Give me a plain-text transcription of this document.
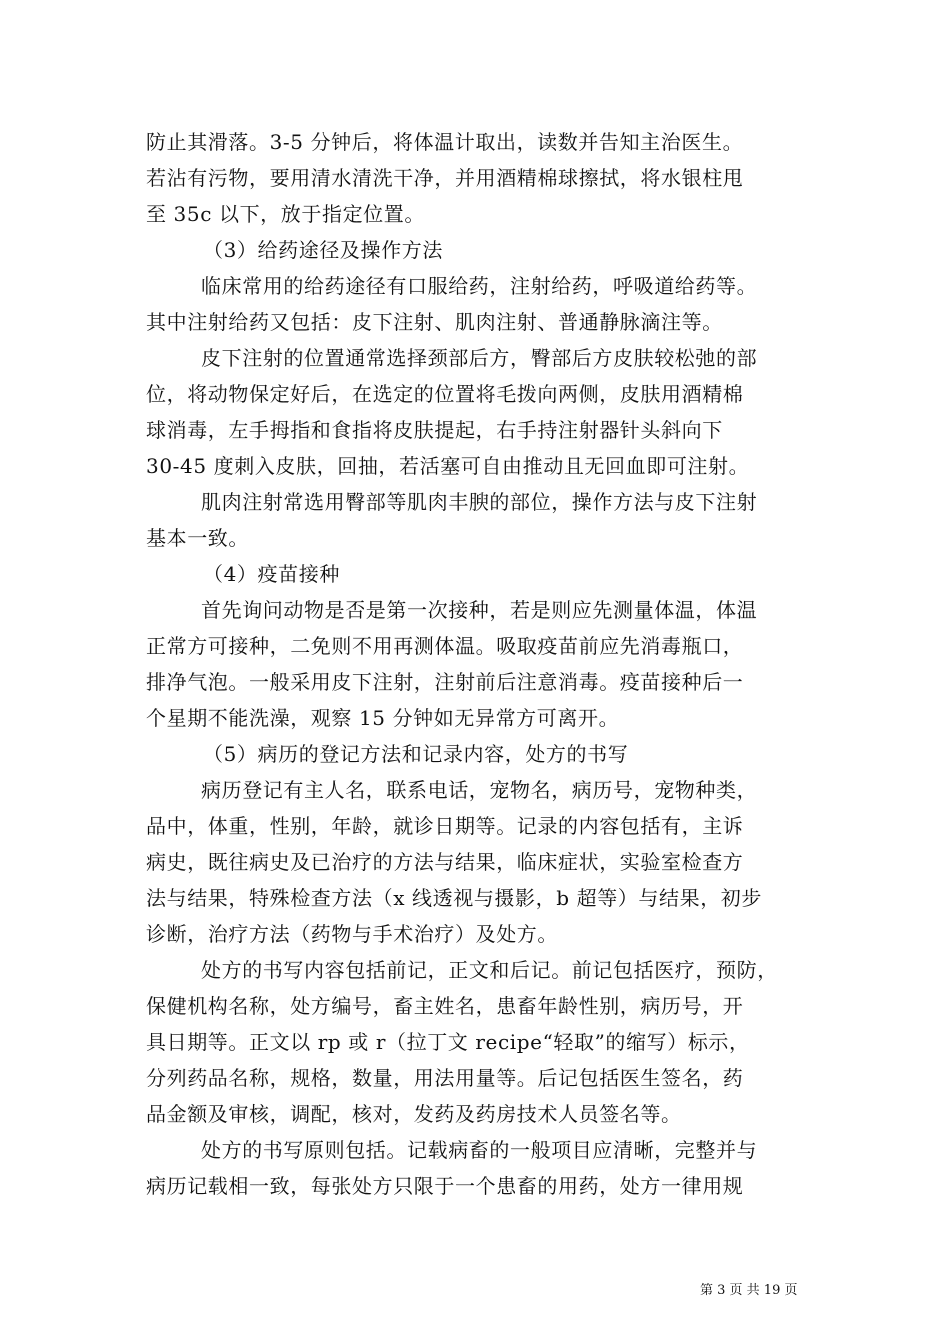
防止其滑落。3-5 分钟后，将体温计取出，读数并告知主治医生。
若沾有污物，要用清水清洗干净，并用酒精棉球擦拭，将水银柱甩
至 35c 以下，放于指定位置。
（3）给药途径及操作方法
临床常用的给药途径有口服给药，注射给药，呼吸道给药等。
其中注射给药又包括：皮下注射、肌肉注射、普通静脉滴注等。
皮下注射的位置通常选择颈部后方，臀部后方皮肤较松弛的部
位，将动物保定好后，在选定的位置将毛拨向两侧，皮肤用酒精棉
球消毒，左手拇指和食指将皮肤提起，右手持注射器针头斜向下
30-45 度刺入皮肤，回抽，若活塞可自由推动且无回血即可注射。
肌肉注射常选用臀部等肌肉丰腴的部位，操作方法与皮下注射
基本一致。
（4）疫苗接种
首先询问动物是否是第一次接种，若是则应先测量体温，体温
正常方可接种，二免则不用再测体温。吸取疫苗前应先消毒瓶口，
排净气泡。一般采用皮下注射，注射前后注意消毒。疫苗接种后一
个星期不能洗澡，观察 15 分钟如无异常方可离开。
（5）病历的登记方法和记录内容，处方的书写
病历登记有主人名，联系电话，宠物名，病历号，宠物种类，
品中，体重，性别，年龄，就诊日期等。记录的内容包括有，主诉
病史，既往病史及已治疗的方法与结果，临床症状，实验室检查方
法与结果，特殊检查方法（x 线透视与摄影，b 超等）与结果，初步
诊断，治疗方法（药物与手术治疗）及处方。
处方的书写内容包括前记，正文和后记。前记包括医疗，预防，
保健机构名称，处方编号，畜主姓名，患畜年龄性别，病历号，开
具日期等。正文以 rp 或 r（拉丁文 recipe“轻取”的缩写）标示，
分列药品名称，规格，数量，用法用量等。后记包括医生签名，药
品金额及审核，调配，核对，发药及药房技术人员签名等。
处方的书写原则包括。记载病畜的一般项目应清晰，完整并与
病历记载相一致，每张处方只限于一个患畜的用药，处方一律用规
第 3 页 共 19 页
